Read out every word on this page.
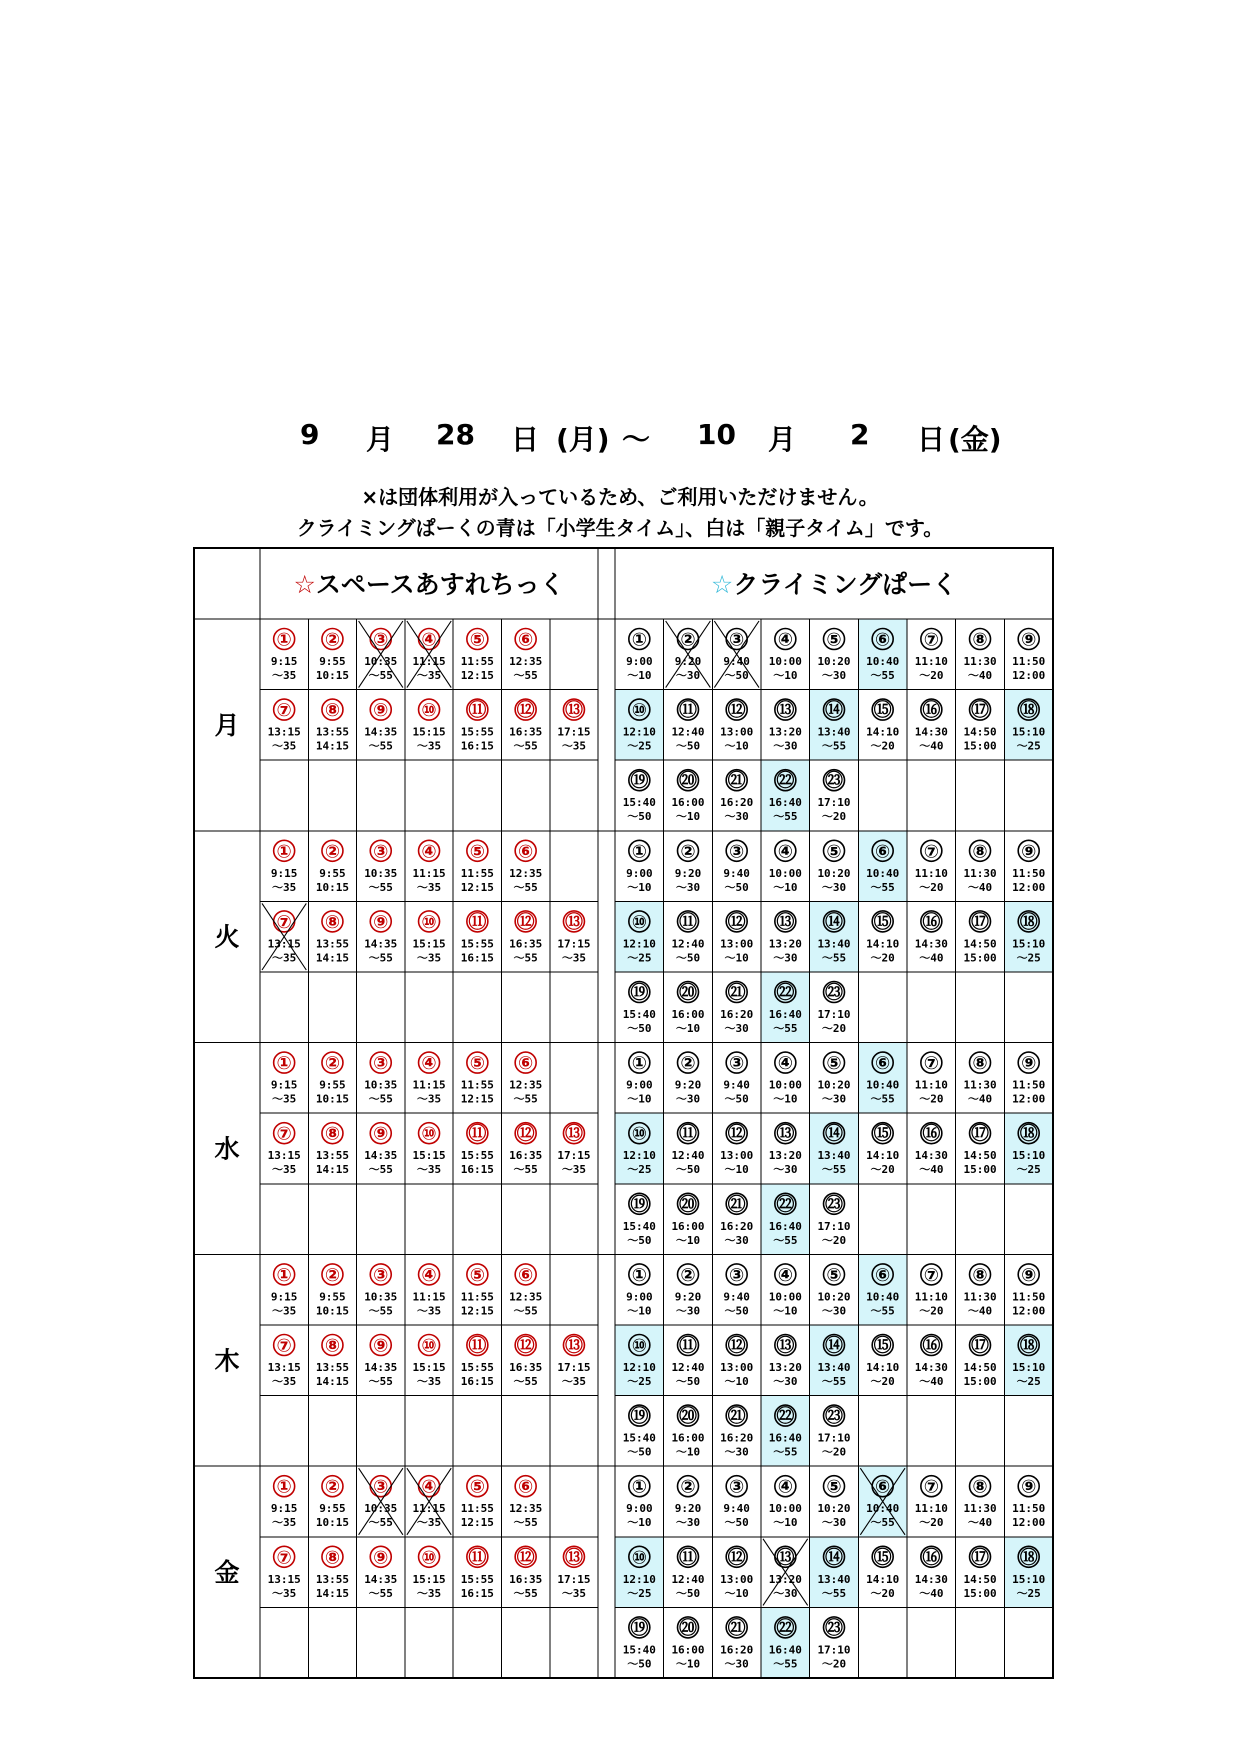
9 月 28 日 (月) ～ 10 月 2 日 (金)
×は団体利用が入っているため、ご利用いただけません。
クライミングぱーくの青は「小学生タイム」、白は「親子タイム」です。
月
①
9:15
～35
②
9:55
10:15
③
10:35
～55
④
11:15
～35
⑤
11:55
12:15
⑥
12:35
～55
①
9:00
～10
②
9:20
～30
③
9:40
～50
④
10:00
～10
⑤
10:20
～30
⑥
10:40
～55
⑦
11:10
～20
⑧
11:30
～40
⑨
11:50
12:00
⑦
13:15
～35
⑧
13:55
14:15
⑨
14:35
～55
⑩
15:15
～35
⑪
15:55
16:15
⑫
16:35
～55
⑬
17:15
～35
⑩
12:10
～25
⑪
12:40
～50
⑫
13:00
～10
⑬
13:20
～30
⑭
13:40
～55
⑮
14:10
～20
⑯
14:30
～40
⑰
14:50
15:00
⑱
15:10
～25
⑲
15:40
～50
⑳
16:00
～10
㉑
16:20
～30
㉒
16:40
～55
㉓
17:10
～20
火
①
9:15
～35
②
9:55
10:15
③
10:35
～55
④
11:15
～35
⑤
11:55
12:15
⑥
12:35
～55
①
9:00
～10
②
9:20
～30
③
9:40
～50
④
10:00
～10
⑤
10:20
～30
⑥
10:40
～55
⑦
11:10
～20
⑧
11:30
～40
⑨
11:50
12:00
⑦
13:15
～35
⑧
13:55
14:15
⑨
14:35
～55
⑩
15:15
～35
⑪
15:55
16:15
⑫
16:35
～55
⑬
17:15
～35
⑩
12:10
～25
⑪
12:40
～50
⑫
13:00
～10
⑬
13:20
～30
⑭
13:40
～55
⑮
14:10
～20
⑯
14:30
～40
⑰
14:50
15:00
⑱
15:10
～25
⑲
15:40
～50
⑳
16:00
～10
㉑
16:20
～30
㉒
16:40
～55
㉓
17:10
～20
水
①
9:15
～35
②
9:55
10:15
③
10:35
～55
④
11:15
～35
⑤
11:55
12:15
⑥
12:35
～55
①
9:00
～10
②
9:20
～30
③
9:40
～50
④
10:00
～10
⑤
10:20
～30
⑥
10:40
～55
⑦
11:10
～20
⑧
11:30
～40
⑨
11:50
12:00
⑦
13:15
～35
⑧
13:55
14:15
⑨
14:35
～55
⑩
15:15
～35
⑪
15:55
16:15
⑫
16:35
～55
⑬
17:15
～35
⑩
12:10
～25
⑪
12:40
～50
⑫
13:00
～10
⑬
13:20
～30
⑭
13:40
～55
⑮
14:10
～20
⑯
14:30
～40
⑰
14:50
15:00
⑱
15:10
～25
⑲
15:40
～50
⑳
16:00
～10
㉑
16:20
～30
㉒
16:40
～55
㉓
17:10
～20
木
①
9:15
～35
②
9:55
10:15
③
10:35
～55
④
11:15
～35
⑤
11:55
12:15
⑥
12:35
～55
①
9:00
～10
②
9:20
～30
③
9:40
～50
④
10:00
～10
⑤
10:20
～30
⑥
10:40
～55
⑦
11:10
～20
⑧
11:30
～40
⑨
11:50
12:00
⑦
13:15
～35
⑧
13:55
14:15
⑨
14:35
～55
⑩
15:15
～35
⑪
15:55
16:15
⑫
16:35
～55
⑬
17:15
～35
⑩
12:10
～25
⑪
12:40
～50
⑫
13:00
～10
⑬
13:20
～30
⑭
13:40
～55
⑮
14:10
～20
⑯
14:30
～40
⑰
14:50
15:00
⑱
15:10
～25
⑲
15:40
～50
⑳
16:00
～10
㉑
16:20
～30
㉒
16:40
～55
㉓
17:10
～20
金
①
9:15
～35
②
9:55
10:15
③
10:35
～55
④
11:15
～35
⑤
11:55
12:15
⑥
12:35
～55
①
9:00
～10
②
9:20
～30
③
9:40
～50
④
10:00
～10
⑤
10:20
～30
⑥
10:40
～55
⑦
11:10
～20
⑧
11:30
～40
⑨
11:50
12:00
⑦
13:15
～35
⑧
13:55
14:15
⑨
14:35
～55
⑩
15:15
～35
⑪
15:55
16:15
⑫
16:35
～55
⑬
17:15
～35
⑩
12:10
～25
⑪
12:40
～50
⑫
13:00
～10
⑬
13:20
～30
⑭
13:40
～55
⑮
14:10
～20
⑯
14:30
～40
⑰
14:50
15:00
⑱
15:10
～25
⑲
15:40
～50
⑳
16:00
～10
㉑
16:20
～30
㉒
16:40
～55
㉓
17:10
～20
☆スペースあすれちっく	☆クライミングぱーく
